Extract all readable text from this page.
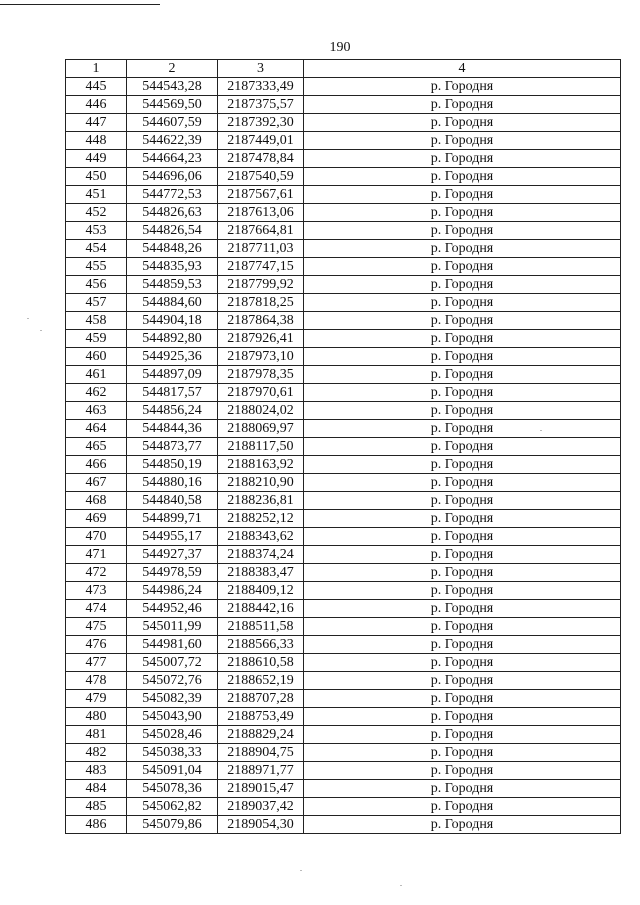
190
1	2	3	4
445	544543,28	2187333,49	р. Городня
446	544569,50	2187375,57	р. Городня
447	544607,59	2187392,30	р. Городня
448	544622,39	2187449,01	р. Городня
449	544664,23	2187478,84	р. Городня
450	544696,06	2187540,59	р. Городня
451	544772,53	2187567,61	р. Городня
452	544826,63	2187613,06	р. Городня
453	544826,54	2187664,81	р. Городня
454	544848,26	2187711,03	р. Городня
455	544835,93	2187747,15	р. Городня
456	544859,53	2187799,92	р. Городня
457	544884,60	2187818,25	р. Городня
458	544904,18	2187864,38	р. Городня
459	544892,80	2187926,41	р. Городня
460	544925,36	2187973,10	р. Городня
461	544897,09	2187978,35	р. Городня
462	544817,57	2187970,61	р. Городня
463	544856,24	2188024,02	р. Городня
464	544844,36	2188069,97	р. Городня
465	544873,77	2188117,50	р. Городня
466	544850,19	2188163,92	р. Городня
467	544880,16	2188210,90	р. Городня
468	544840,58	2188236,81	р. Городня
469	544899,71	2188252,12	р. Городня
470	544955,17	2188343,62	р. Городня
471	544927,37	2188374,24	р. Городня
472	544978,59	2188383,47	р. Городня
473	544986,24	2188409,12	р. Городня
474	544952,46	2188442,16	р. Городня
475	545011,99	2188511,58	р. Городня
476	544981,60	2188566,33	р. Городня
477	545007,72	2188610,58	р. Городня
478	545072,76	2188652,19	р. Городня
479	545082,39	2188707,28	р. Городня
480	545043,90	2188753,49	р. Городня
481	545028,46	2188829,24	р. Городня
482	545038,33	2188904,75	р. Городня
483	545091,04	2188971,77	р. Городня
484	545078,36	2189015,47	р. Городня
485	545062,82	2189037,42	р. Городня
486	545079,86	2189054,30	р. Городня
